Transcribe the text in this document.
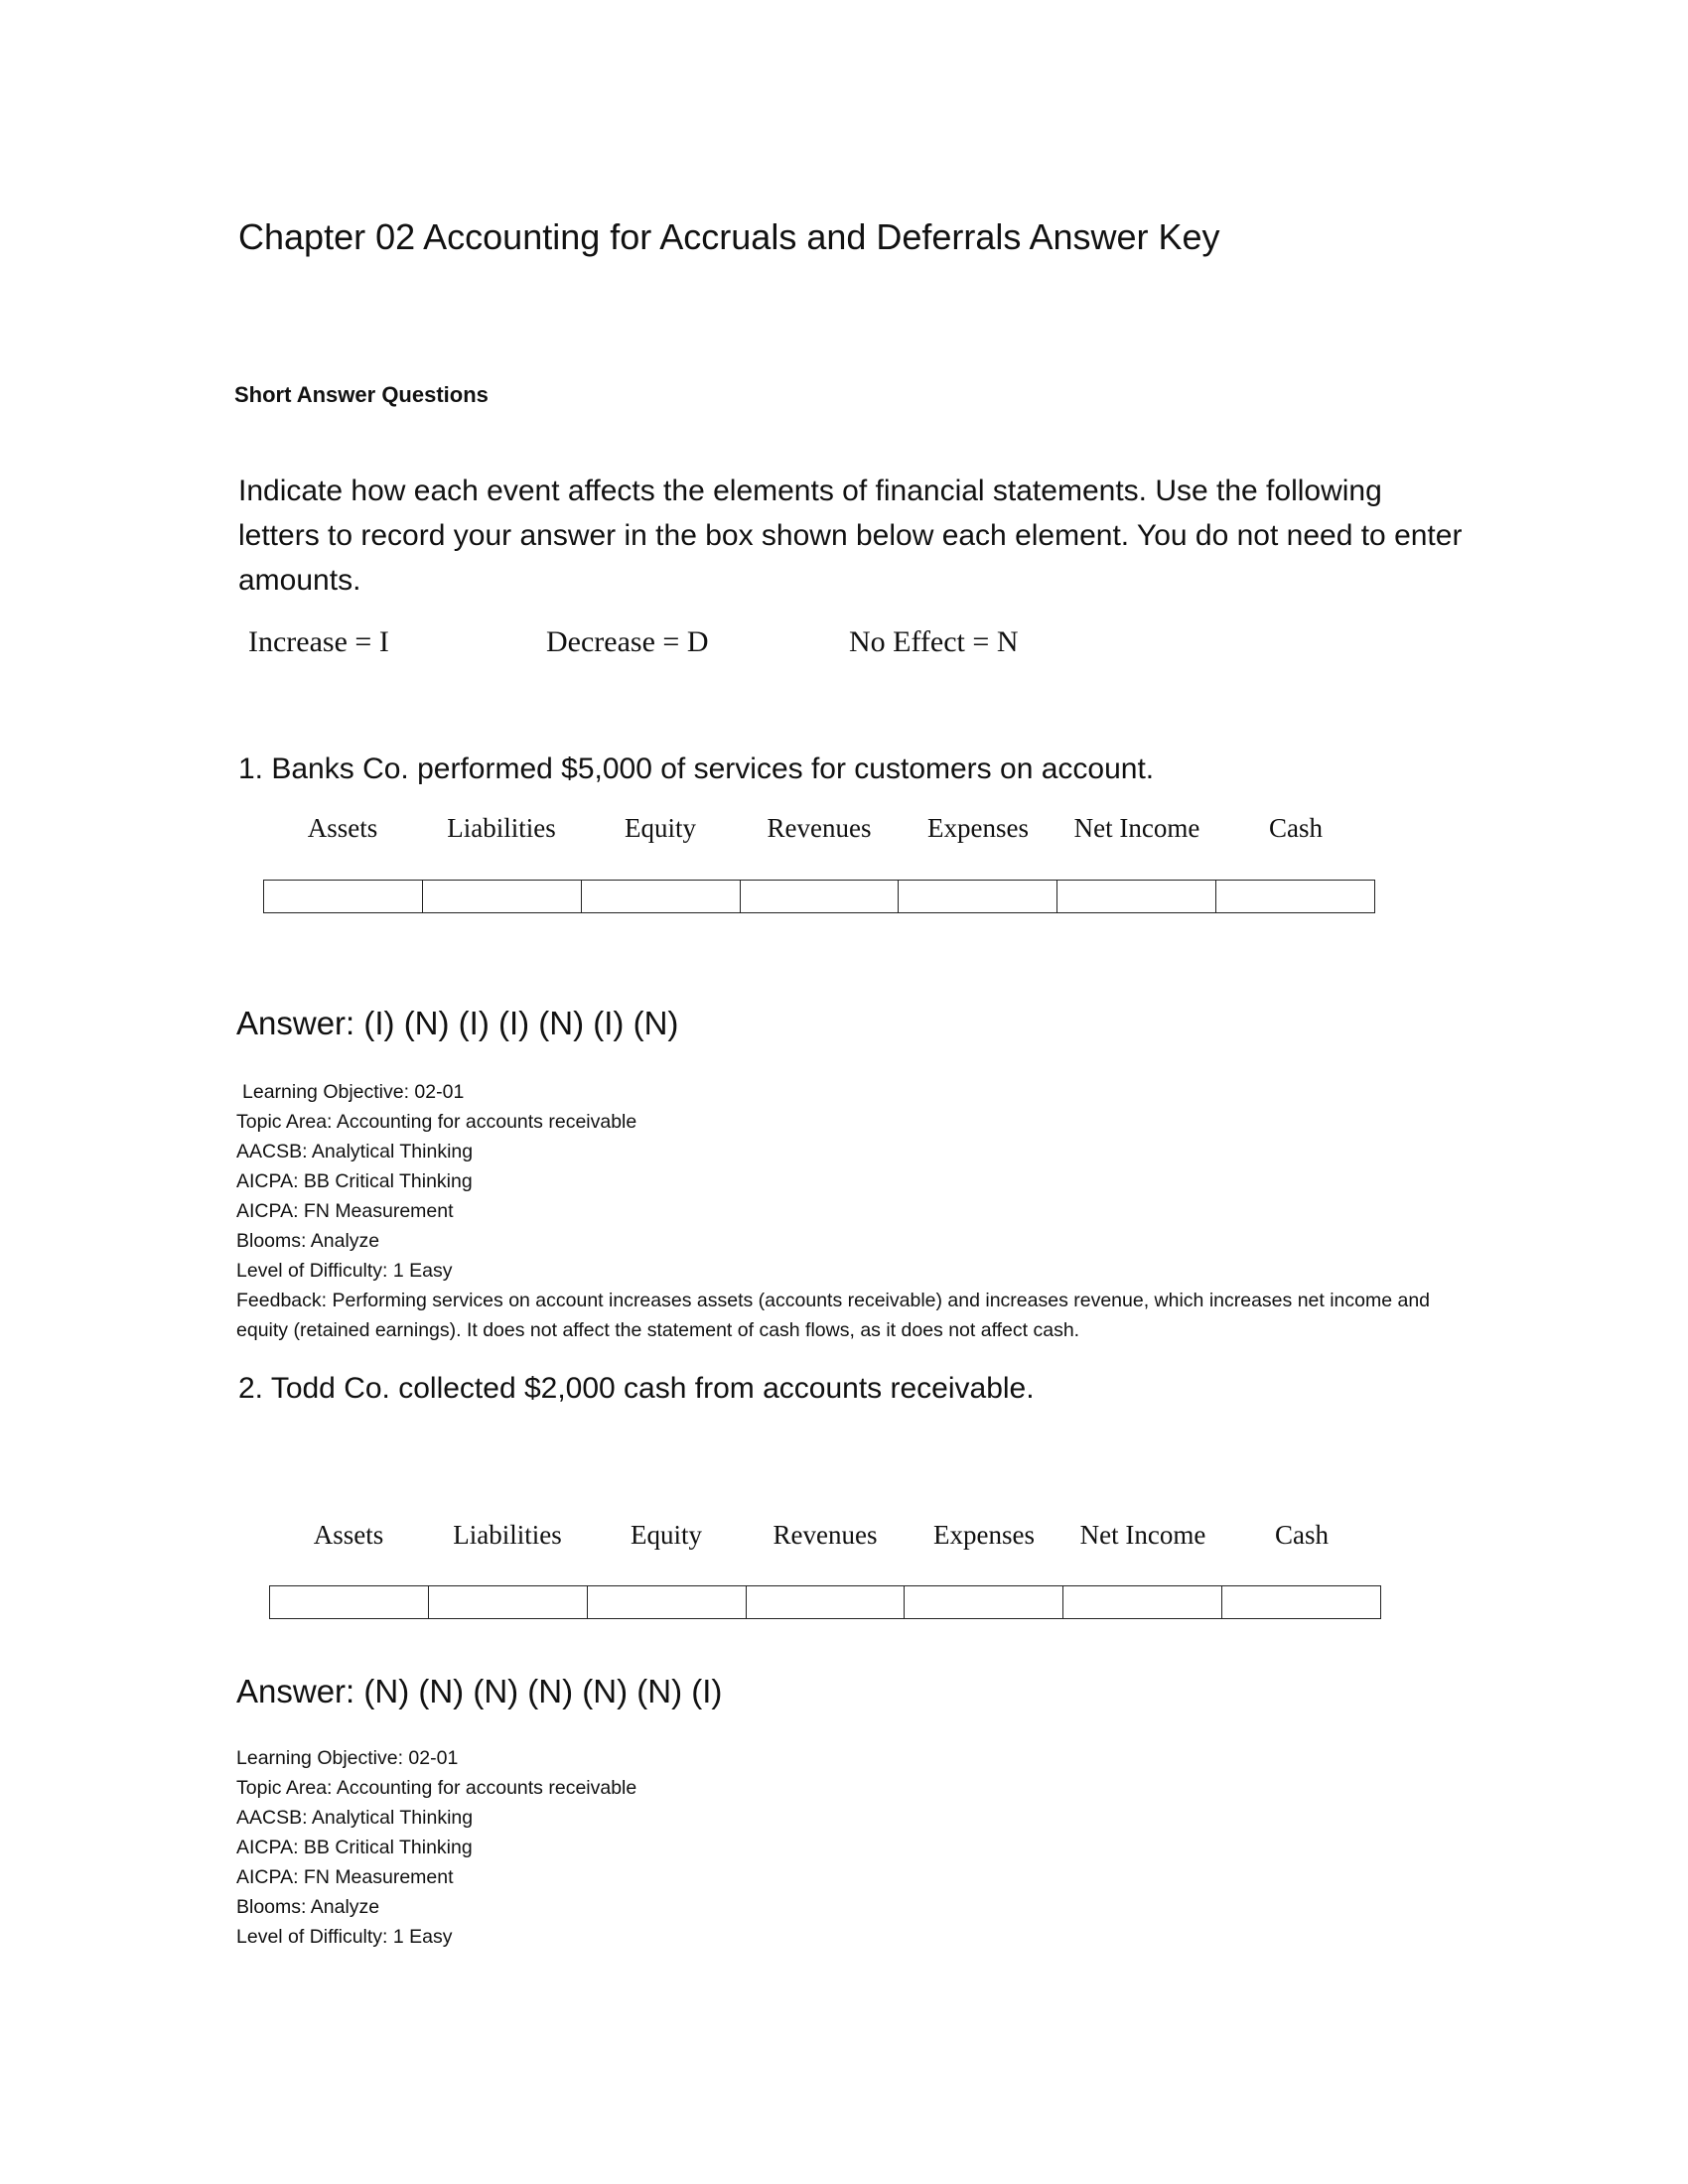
Chapter 02 Accounting for Accruals and Deferrals Answer Key
Short Answer Questions
Indicate how each event affects the elements of financial statements. Use the following letters to record your answer in the box shown below each element. You do not need to enter amounts.
Increase = I	Decrease = D	No Effect = N
1. Banks Co. performed $5,000 of services for customers on account.
Assets	Liabilities	Equity	Revenues	Expenses	Net Income	Cash
Answer: (I) (N) (I) (I) (N) (I) (N)
Learning Objective: 02-01
Topic Area: Accounting for accounts receivable
AACSB: Analytical Thinking
AICPA: BB Critical Thinking
AICPA: FN Measurement
Blooms: Analyze
Level of Difficulty: 1 Easy
Feedback: Performing services on account increases assets (accounts receivable) and increases revenue, which increases net income and
equity (retained earnings). It does not affect the statement of cash flows, as it does not affect cash.
2. Todd Co. collected $2,000 cash from accounts receivable.
Assets	Liabilities	Equity	Revenues	Expenses	Net Income	Cash
Answer: (N) (N) (N) (N) (N) (N) (I)
Learning Objective: 02-01
Topic Area: Accounting for accounts receivable
AACSB: Analytical Thinking
AICPA: BB Critical Thinking
AICPA: FN Measurement
Blooms: Analyze
Level of Difficulty: 1 Easy
